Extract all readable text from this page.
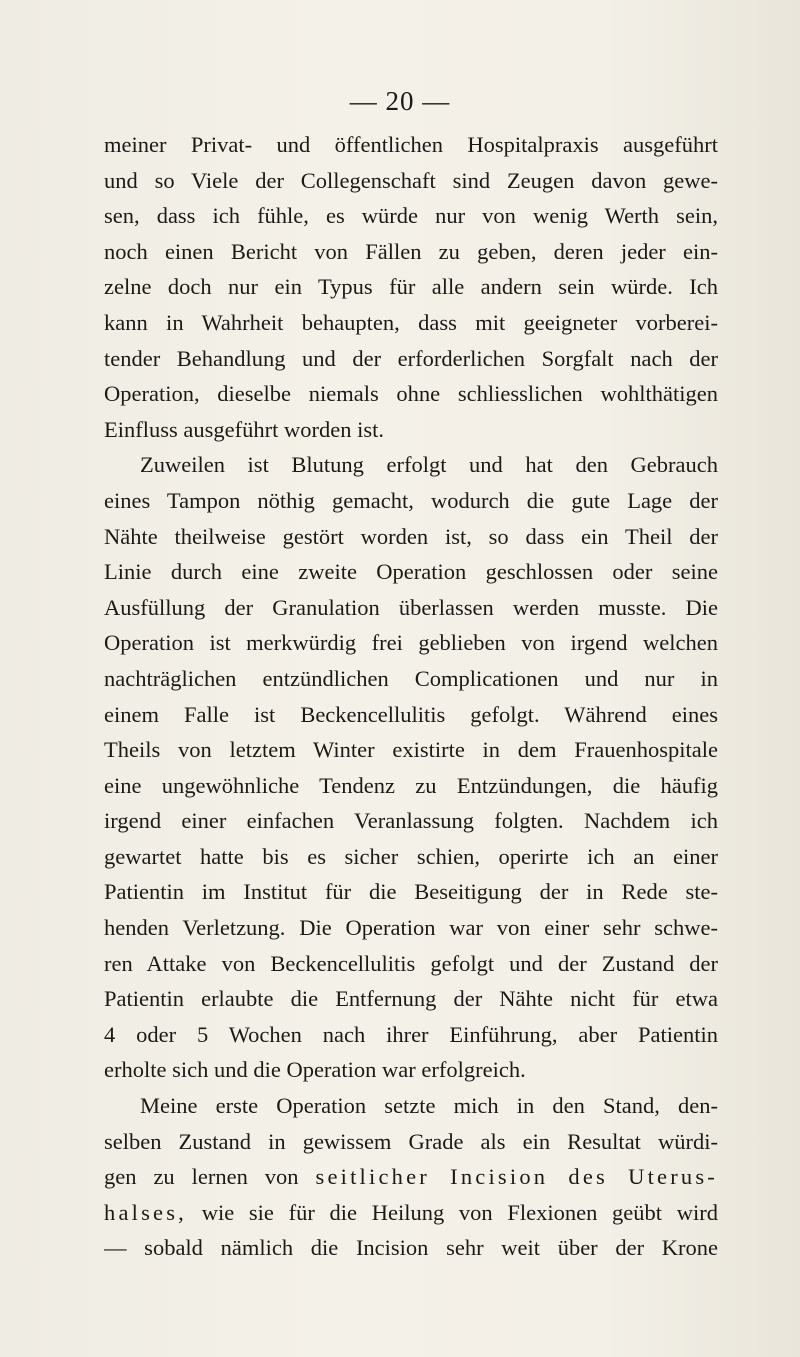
— 20 —
meiner Privat- und öffentlichen Hospitalpraxis ausgeführt
und so Viele der Collegenschaft sind Zeugen davon gewe-
sen, dass ich fühle, es würde nur von wenig Werth sein,
noch einen Bericht von Fällen zu geben, deren jeder ein-
zelne doch nur ein Typus für alle andern sein würde. Ich
kann in Wahrheit behaupten, dass mit geeigneter vorberei-
tender Behandlung und der erforderlichen Sorgfalt nach der
Operation, dieselbe niemals ohne schliesslichen wohlthätigen
Einfluss ausgeführt worden ist.
Zuweilen ist Blutung erfolgt und hat den Gebrauch
eines Tampon nöthig gemacht, wodurch die gute Lage der
Nähte theilweise gestört worden ist, so dass ein Theil der
Linie durch eine zweite Operation geschlossen oder seine
Ausfüllung der Granulation überlassen werden musste. Die
Operation ist merkwürdig frei geblieben von irgend welchen
nachträglichen entzündlichen Complicationen und nur in
einem Falle ist Beckencellulitis gefolgt. Während eines
Theils von letztem Winter existirte in dem Frauenhospitale
eine ungewöhnliche Tendenz zu Entzündungen, die häufig
irgend einer einfachen Veranlassung folgten. Nachdem ich
gewartet hatte bis es sicher schien, operirte ich an einer
Patientin im Institut für die Beseitigung der in Rede ste-
henden Verletzung. Die Operation war von einer sehr schwe-
ren Attake von Beckencellulitis gefolgt und der Zustand der
Patientin erlaubte die Entfernung der Nähte nicht für etwa
4 oder 5 Wochen nach ihrer Einführung, aber Patientin
erholte sich und die Operation war erfolgreich.
Meine erste Operation setzte mich in den Stand, den-
selben Zustand in gewissem Grade als ein Resultat würdi-
gen zu lernen von seitlicher Incision des Uterus-
halses, wie sie für die Heilung von Flexionen geübt wird
— sobald nämlich die Incision sehr weit über der Krone
